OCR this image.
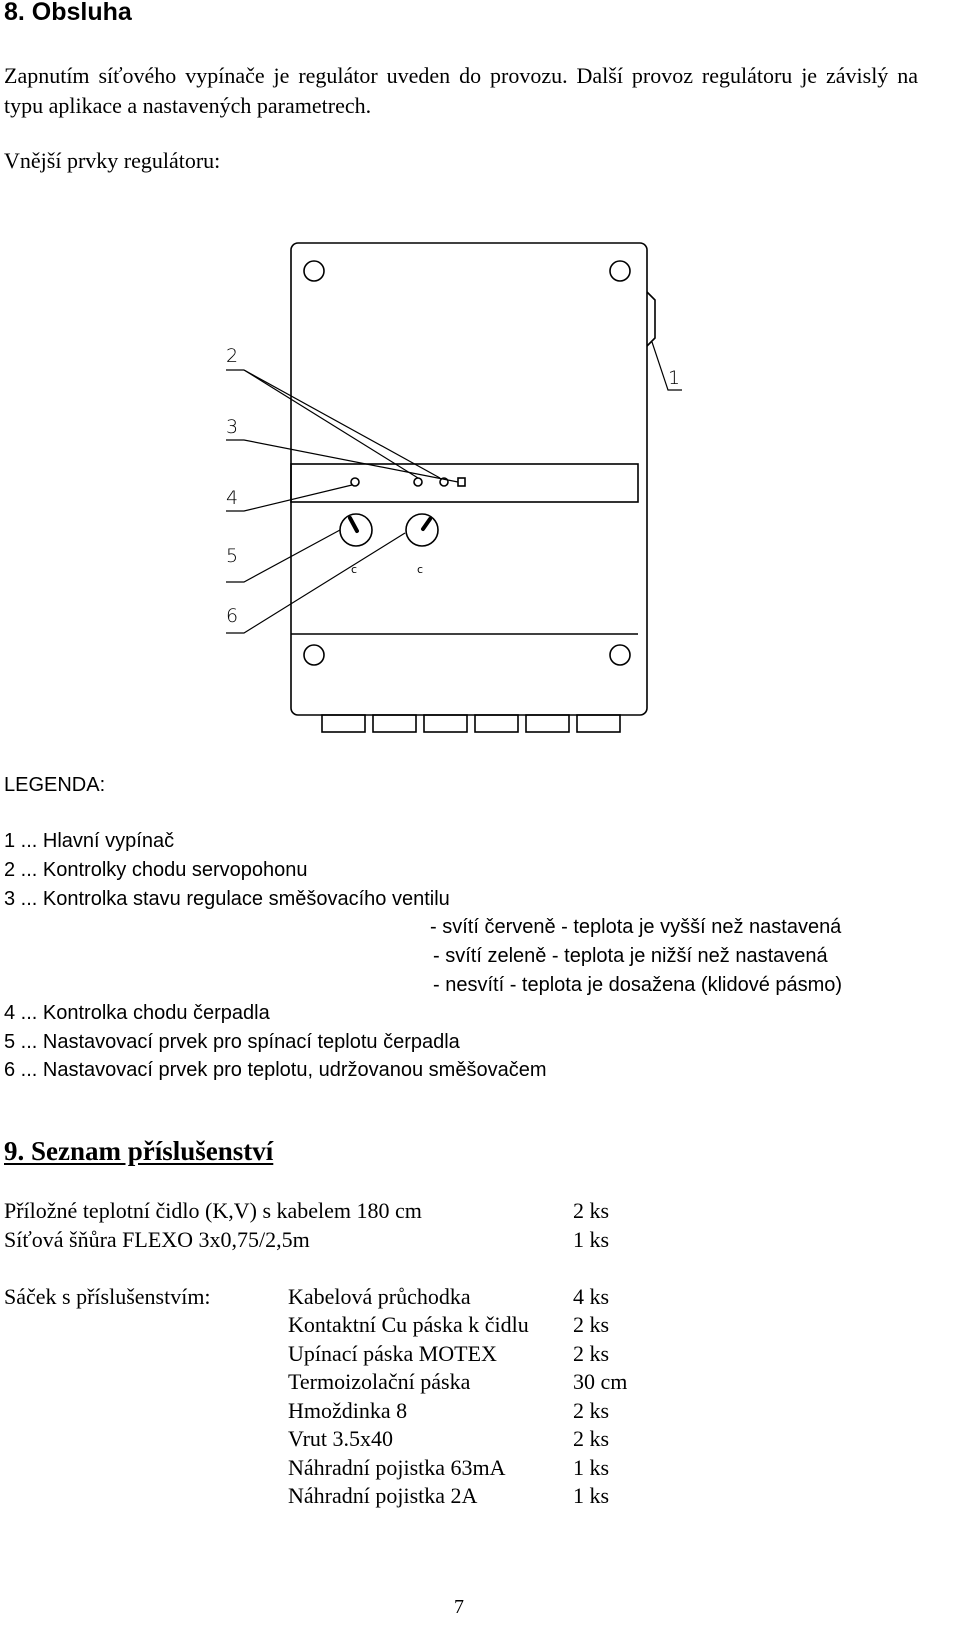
8. Obsluha
Zapnutím síťového vypínače je regulátor uveden do provozu. Další provoz regulátoru je závislý na typu aplikace a nastavených parametrech.
Vnější prvky regulátoru:
2
3
4
5
6
1
c	c
LEGENDA:
1 ... Hlavní vypínač
2 ... Kontrolky chodu servopohonu
3 ... Kontrolka stavu regulace směšovacího ventilu
- svítí červeně - teplota je vyšší než nastavená
- svítí zeleně - teplota je nižší než nastavená
- nesvítí - teplota je dosažena (klidové pásmo)
4 ... Kontrolka chodu čerpadla
5 ... Nastavovací prvek pro spínací teplotu čerpadla
6 ... Nastavovací prvek pro teplotu, udržovanou směšovačem
9. Seznam příslušenství
Příložné teplotní čidlo (K,V) s kabelem 180 cm	2 ks
Síťová šňůra FLEXO 3x0,75/2,5m	1 ks
Sáček s příslušenstvím:	Kabelová průchodka	4 ks
Kontaktní Cu páska k čidlu 2 ks
Upínací páska MOTEX	2 ks
Termoizolační páska	30 cm
Hmoždinka 8	2 ks
Vrut 3.5x40	2 ks
Náhradní pojistka 63mA	1 ks
Náhradní pojistka 2A	1 ks
7
